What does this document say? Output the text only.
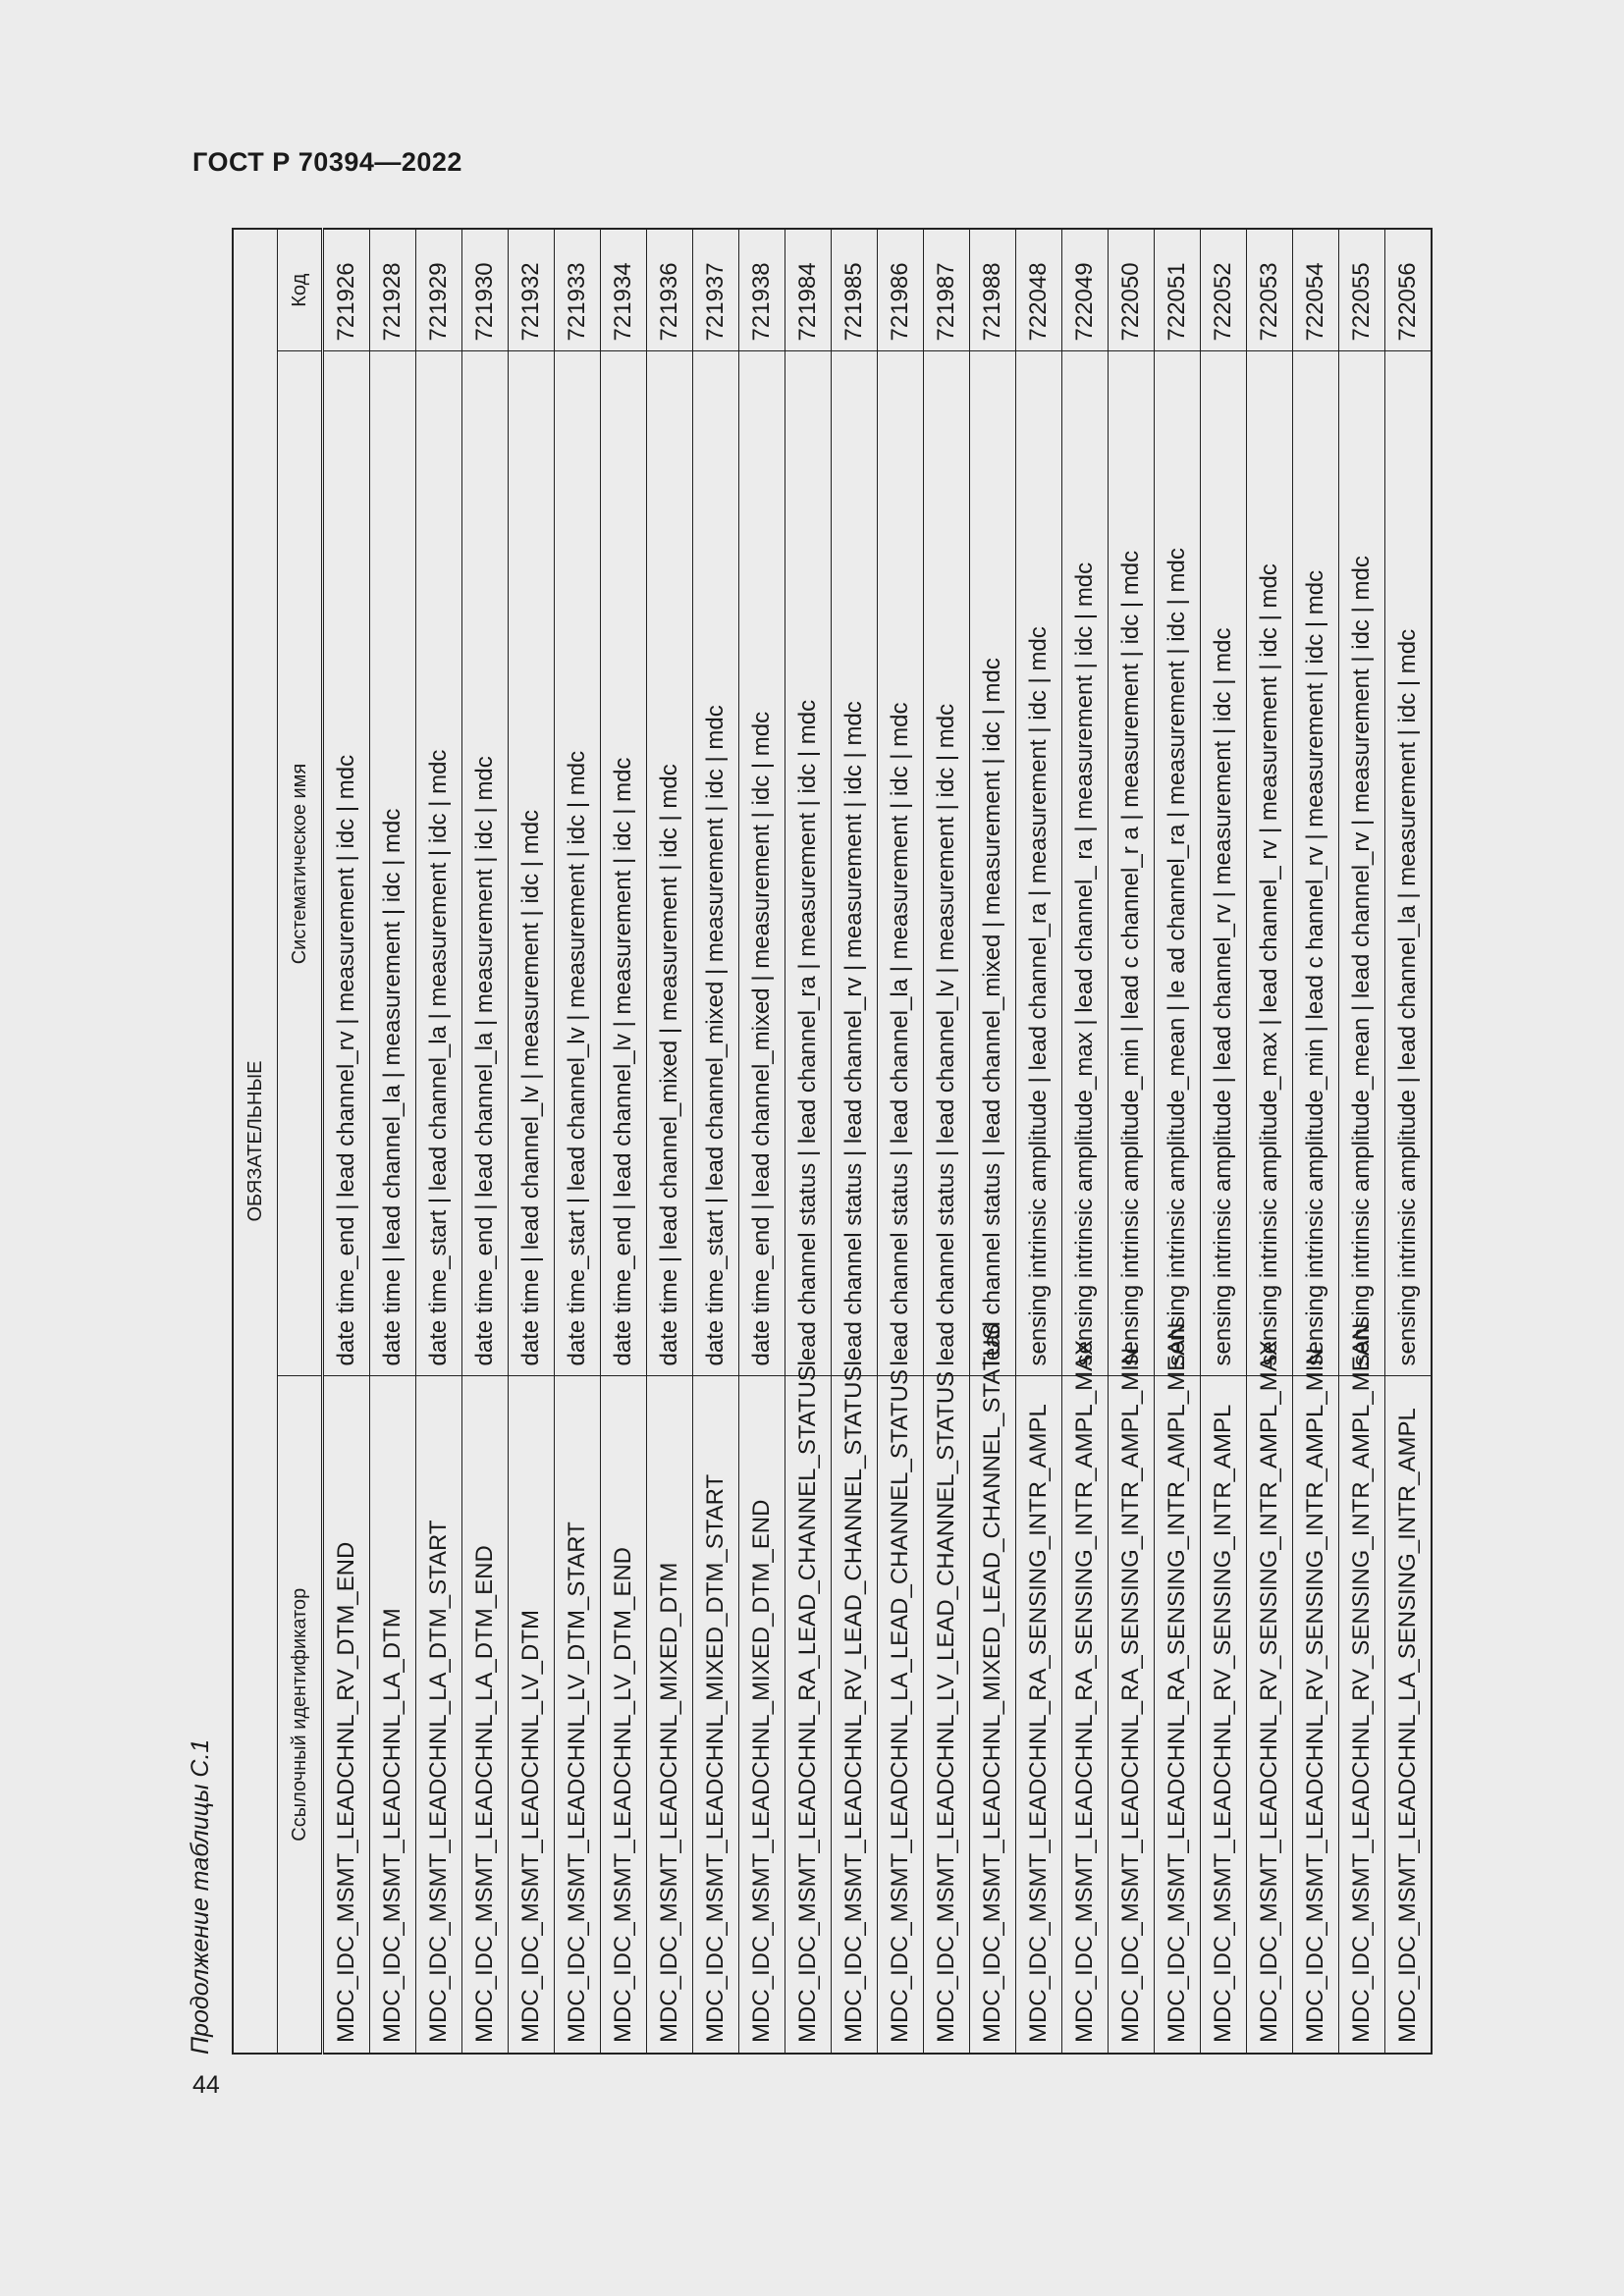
ГОСТ Р 70394—2022
Продолжение таблицы С.1
ОБЯЗАТЕЛЬНЫЕ		
Ссылочный идентификатор	Систематическое имя	Код
MDC_IDC_MSMT_LEADCHNL_RV_DTM_END	date time_end | lead channel_rv | measurement | idc | mdc	721926
MDC_IDC_MSMT_LEADCHNL_LA_DTM	date time | lead channel_la | measurement | idc | mdc	721928
MDC_IDC_MSMT_LEADCHNL_LA_DTM_START	date time_start | lead channel_la | measurement | idc | mdc	721929
MDC_IDC_MSMT_LEADCHNL_LA_DTM_END	date time_end | lead channel_la | measurement | idc | mdc	721930
MDC_IDC_MSMT_LEADCHNL_LV_DTM	date time | lead channel_lv | measurement | idc | mdc	721932
MDC_IDC_MSMT_LEADCHNL_LV_DTM_START	date time_start | lead channel_lv | measurement | idc | mdc	721933
MDC_IDC_MSMT_LEADCHNL_LV_DTM_END	date time_end | lead channel_lv | measurement | idc | mdc	721934
MDC_IDC_MSMT_LEADCHNL_MIXED_DTM	date time | lead channel_mixed | measurement | idc | mdc	721936
MDC_IDC_MSMT_LEADCHNL_MIXED_DTM_START	date time_start | lead channel_mixed | measurement | idc | mdc	721937
MDC_IDC_MSMT_LEADCHNL_MIXED_DTM_END	date time_end | lead channel_mixed | measurement | idc | mdc	721938
MDC_IDC_MSMT_LEADCHNL_RA_LEAD_CHANNEL_STATUS	lead channel status | lead channel_ra | measurement | idc | mdc	721984
MDC_IDC_MSMT_LEADCHNL_RV_LEAD_CHANNEL_STATUS	lead channel status | lead channel_rv | measurement | idc | mdc	721985
MDC_IDC_MSMT_LEADCHNL_LA_LEAD_CHANNEL_STATUS	lead channel status | lead channel_la | measurement | idc | mdc	721986
MDC_IDC_MSMT_LEADCHNL_LV_LEAD_CHANNEL_STATUS	lead channel status | lead channel_lv | measurement | idc | mdc	721987
MDC_IDC_MSMT_LEADCHNL_MIXED_LEAD_CHANNEL_STATUS	lead channel status | lead channel_mixed | measurement | idc | mdc	721988
MDC_IDC_MSMT_LEADCHNL_RA_SENSING_INTR_AMPL	sensing intrinsic amplitude | lead channel_ra | measurement | idc | mdc	722048
MDC_IDC_MSMT_LEADCHNL_RA_SENSING_INTR_AMPL_MAX	sensing intrinsic amplitude_max | lead channel_ ra | measurement | idc | mdc	722049
MDC_IDC_MSMT_LEADCHNL_RA_SENSING_INTR_AMPL_MIN	sensing intrinsic amplitude_min | lead c channel_r a | measurement | idc | mdc	722050
MDC_IDC_MSMT_LEADCHNL_RA_SENSING_INTR_AMPL_MEAN	sensing intrinsic amplitude_mean | le ad channel_ra | measurement | idc | mdc	722051
MDC_IDC_MSMT_LEADCHNL_RV_SENSING_INTR_AMPL	sensing intrinsic amplitude | lead channel_rv | measurement | idc | mdc	722052
MDC_IDC_MSMT_LEADCHNL_RV_SENSING_INTR_AMPL_MAX	sensing intrinsic amplitude_max | lead channel_ rv | measurement | idc | mdc	722053
MDC_IDC_MSMT_LEADCHNL_RV_SENSING_INTR_AMPL_MIN	sensing intrinsic amplitude_min | lead c hannel_rv | measurement | idc | mdc	722054
MDC_IDC_MSMT_LEADCHNL_RV_SENSING_INTR_AMPL_MEAN	sensing intrinsic amplitude_mean | lead channel_rv | measurement | idc | mdc	722055
MDC_IDC_MSMT_LEADCHNL_LA_SENSING_INTR_AMPL	sensing intrinsic amplitude | lead channel_la | measurement | idc | mdc	722056
44
